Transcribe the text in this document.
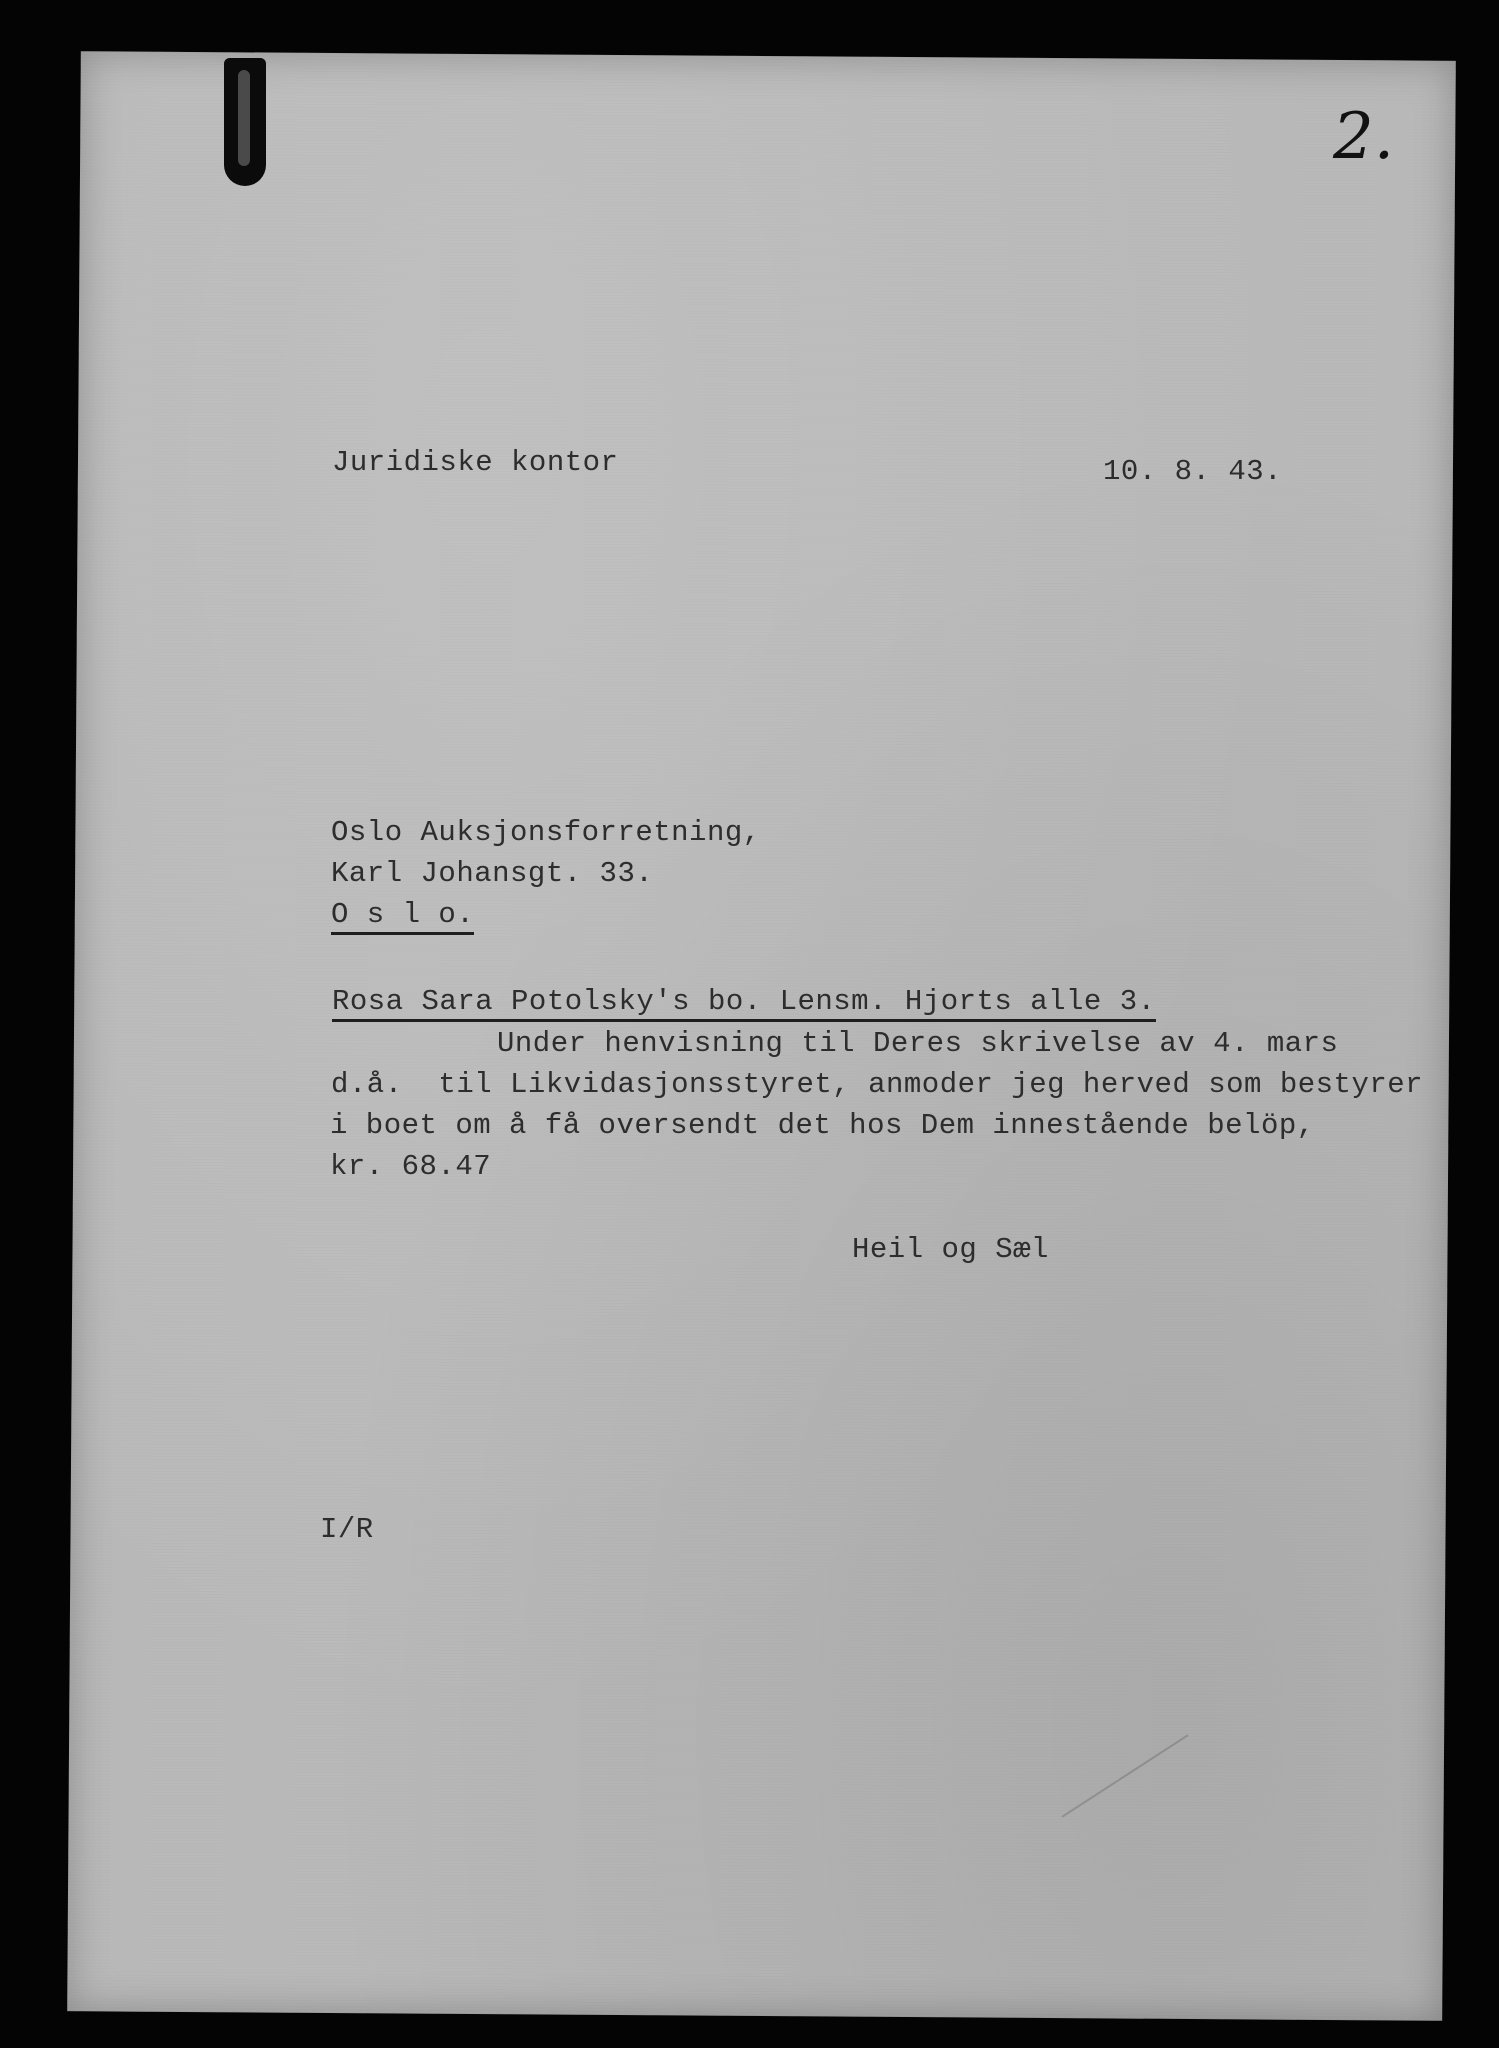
2.
Juridiske kontor	10. 8. 43.
Oslo Auksjonsforretning,
Karl Johansgt. 33.
O s l o.
Rosa Sara Potolsky's bo. Lensm. Hjorts alle 3.
Under henvisning til Deres skrivelse av 4. mars
d.å.  til Likvidasjonsstyret, anmoder jeg herved som bestyrer
i boet om å få oversendt det hos Dem innestående belöp,
kr. 68.47
Heil og Sæl
I/R
